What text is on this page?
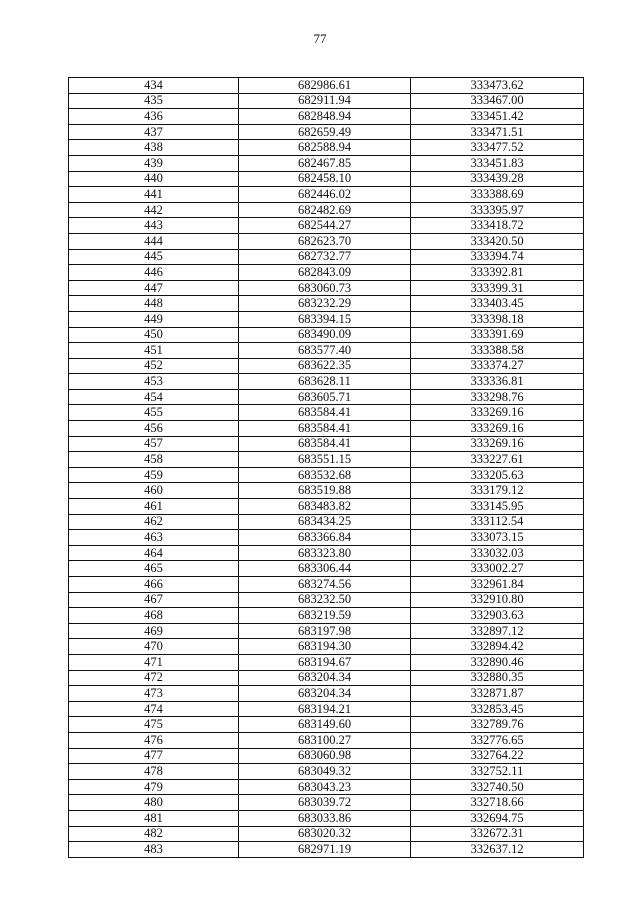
77
434	682986.61	333473.62
435	682911.94	333467.00
436	682848.94	333451.42
437	682659.49	333471.51
438	682588.94	333477.52
439	682467.85	333451.83
440	682458.10	333439.28
441	682446.02	333388.69
442	682482.69	333395.97
443	682544.27	333418.72
444	682623.70	333420.50
445	682732.77	333394.74
446	682843.09	333392.81
447	683060.73	333399.31
448	683232.29	333403.45
449	683394.15	333398.18
450	683490.09	333391.69
451	683577.40	333388.58
452	683622.35	333374.27
453	683628.11	333336.81
454	683605.71	333298.76
455	683584.41	333269.16
456	683584.41	333269.16
457	683584.41	333269.16
458	683551.15	333227.61
459	683532.68	333205.63
460	683519.88	333179.12
461	683483.82	333145.95
462	683434.25	333112.54
463	683366.84	333073.15
464	683323.80	333032.03
465	683306.44	333002.27
466	683274.56	332961.84
467	683232.50	332910.80
468	683219.59	332903.63
469	683197.98	332897.12
470	683194.30	332894.42
471	683194.67	332890.46
472	683204.34	332880.35
473	683204.34	332871.87
474	683194.21	332853.45
475	683149.60	332789.76
476	683100.27	332776.65
477	683060.98	332764.22
478	683049.32	332752.11
479	683043.23	332740.50
480	683039.72	332718.66
481	683033.86	332694.75
482	683020.32	332672.31
483	682971.19	332637.12
